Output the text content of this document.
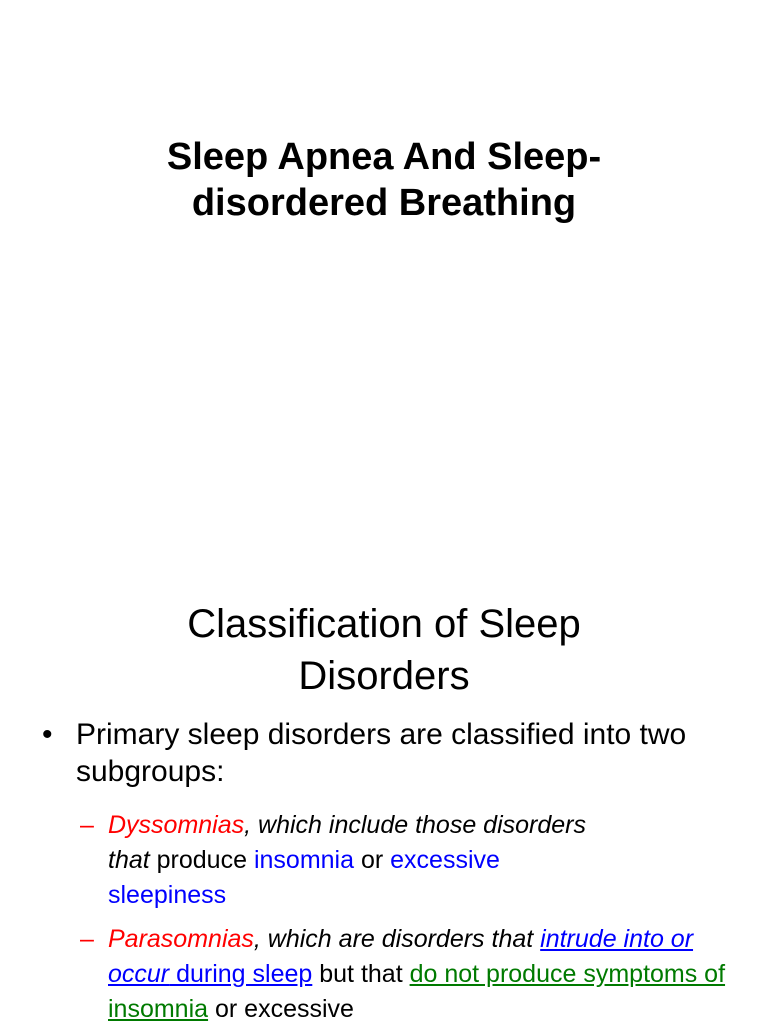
Sleep Apnea And Sleep-
disordered Breathing
Classification of Sleep
Disorders
• Primary sleep disorders are classified into two subgroups:
– Dyssomnias, which include those disorders
that produce insomnia or excessive
sleepiness
– Parasomnias, which are disorders that intrude into or occur during sleep but that do not produce symptoms of insomnia or excessive
